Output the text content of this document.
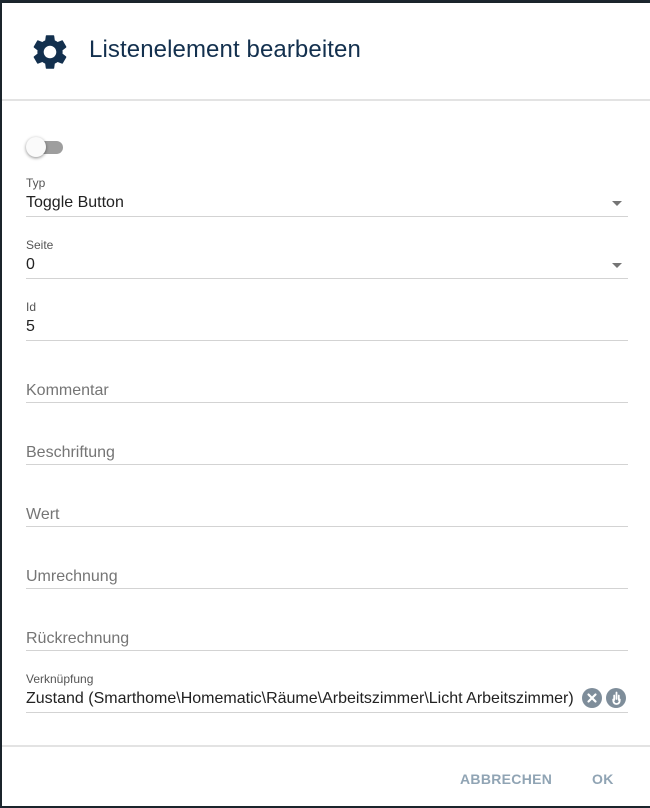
Listenelement bearbeiten
Typ
Toggle Button
Seite
0
Id
5
Kommentar
Beschriftung
Wert
Umrechnung
Rückrechnung
Verknüpfung
Zustand (Smarthome\Homematic\Räume\Arbeitszimmer\Licht Arbeitszimmer)
ABBRECHEN	OK
